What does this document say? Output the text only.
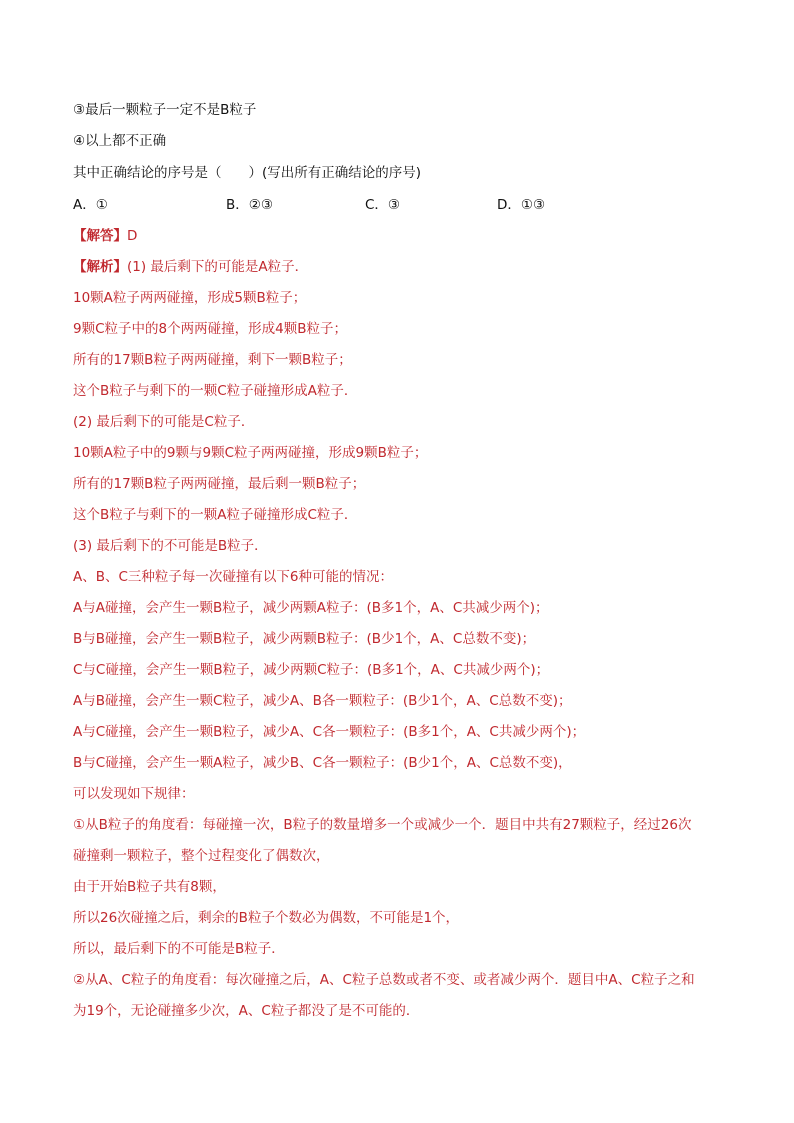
③最后一颗粒子一定不是B粒子
④以上都不正确
其中正确结论的序号是（　　）(写出所有正确结论的序号)
A．①	B．②③	C．③	D．①③
【解答】D
【解析】(1) 最后剩下的可能是A粒子．
10颗A粒子两两碰撞，形成5颗B粒子；
9颗C粒子中的8个两两碰撞，形成4颗B粒子；
所有的17颗B粒子两两碰撞，剩下一颗B粒子；
这个B粒子与剩下的一颗C粒子碰撞形成A粒子．
(2) 最后剩下的可能是C粒子．
10颗A粒子中的9颗与9颗C粒子两两碰撞，形成9颗B粒子；
所有的17颗B粒子两两碰撞，最后剩一颗B粒子；
这个B粒子与剩下的一颗A粒子碰撞形成C粒子．
(3) 最后剩下的不可能是B粒子．
A、B、C三种粒子每一次碰撞有以下6种可能的情况：
A与A碰撞，会产生一颗B粒子，减少两颗A粒子：(B多1个，A、C共减少两个)；
B与B碰撞，会产生一颗B粒子，减少两颗B粒子：(B少1个，A、C总数不变)；
C与C碰撞，会产生一颗B粒子，减少两颗C粒子：(B多1个，A、C共减少两个)；
A与B碰撞，会产生一颗C粒子，减少A、B各一颗粒子：(B少1个，A、C总数不变)；
A与C碰撞，会产生一颗B粒子，减少A、C各一颗粒子：(B多1个，A、C共减少两个)；
B与C碰撞，会产生一颗A粒子，减少B、C各一颗粒子：(B少1个，A、C总数不变)，
可以发现如下规律：
①从B粒子的角度看：每碰撞一次，B粒子的数量增多一个或减少一个．题目中共有27颗粒子，经过26次
碰撞剩一颗粒子，整个过程变化了偶数次，
由于开始B粒子共有8颗，
所以26次碰撞之后，剩余的B粒子个数必为偶数，不可能是1个，
所以，最后剩下的不可能是B粒子．
②从A、C粒子的角度看：每次碰撞之后，A、C粒子总数或者不变、或者减少两个．题目中A、C粒子之和
为19个，无论碰撞多少次，A、C粒子都没了是不可能的．
